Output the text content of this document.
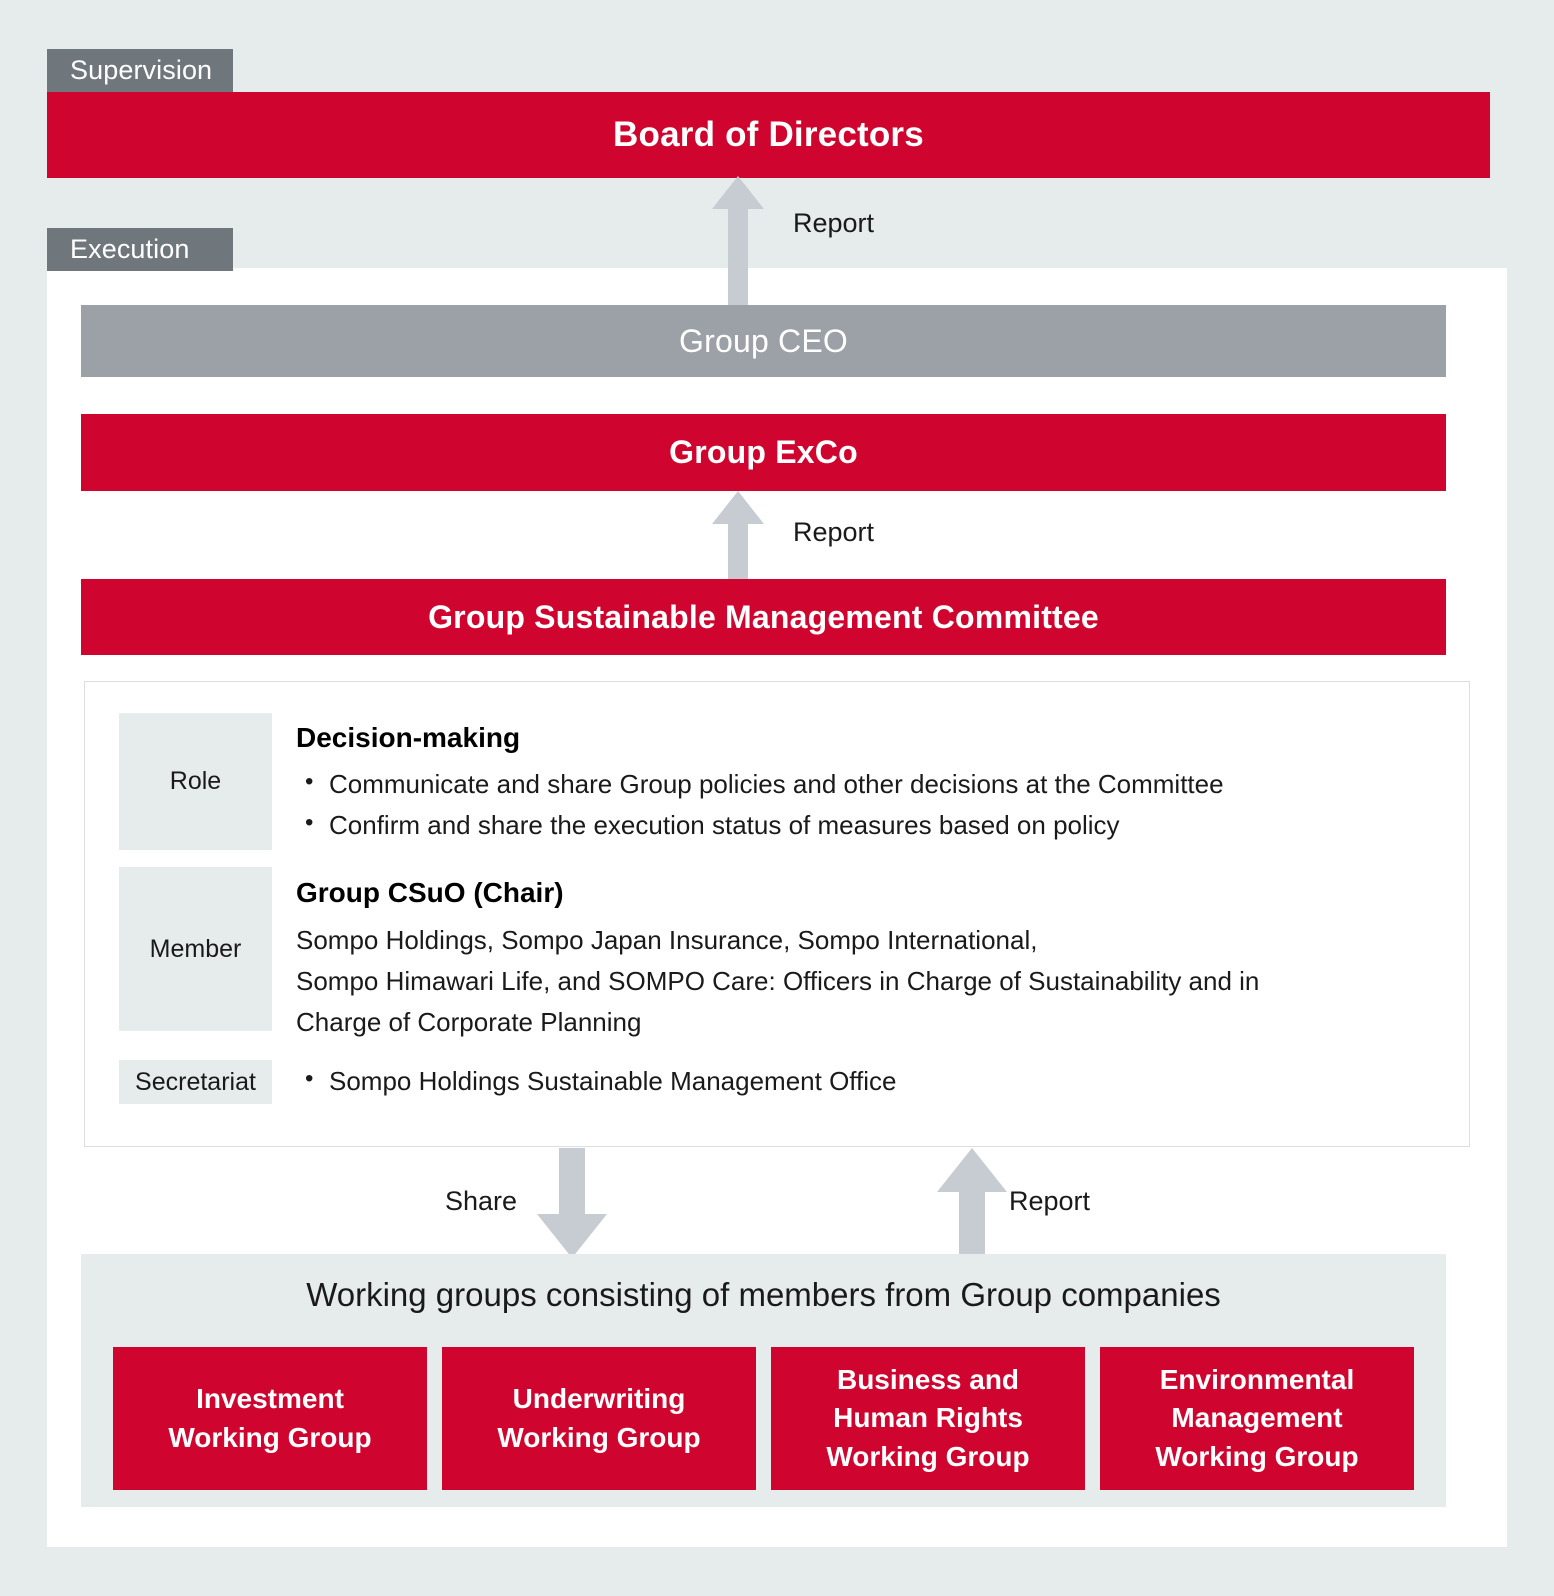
Supervision
Board of Directors
Report
Execution
Group CEO
Group ExCo
Report
Group Sustainable Management Committee
Role
Decision-making
• Communicate and share Group policies and other decisions at the Committee
• Confirm and share the execution status of measures based on policy
Member
Group CSuO (Chair)
Sompo Holdings, Sompo Japan Insurance, Sompo International,
Sompo Himawari Life, and SOMPO Care: Officers in Charge of Sustainability and in
Charge of Corporate Planning
Secretariat	• Sompo Holdings Sustainable Management Office
Share	Report
Working groups consisting of members from Group companies
Investment
Working Group
Underwriting
Working Group
Business and
Human Rights
Working Group
Environmental
Management
Working Group
